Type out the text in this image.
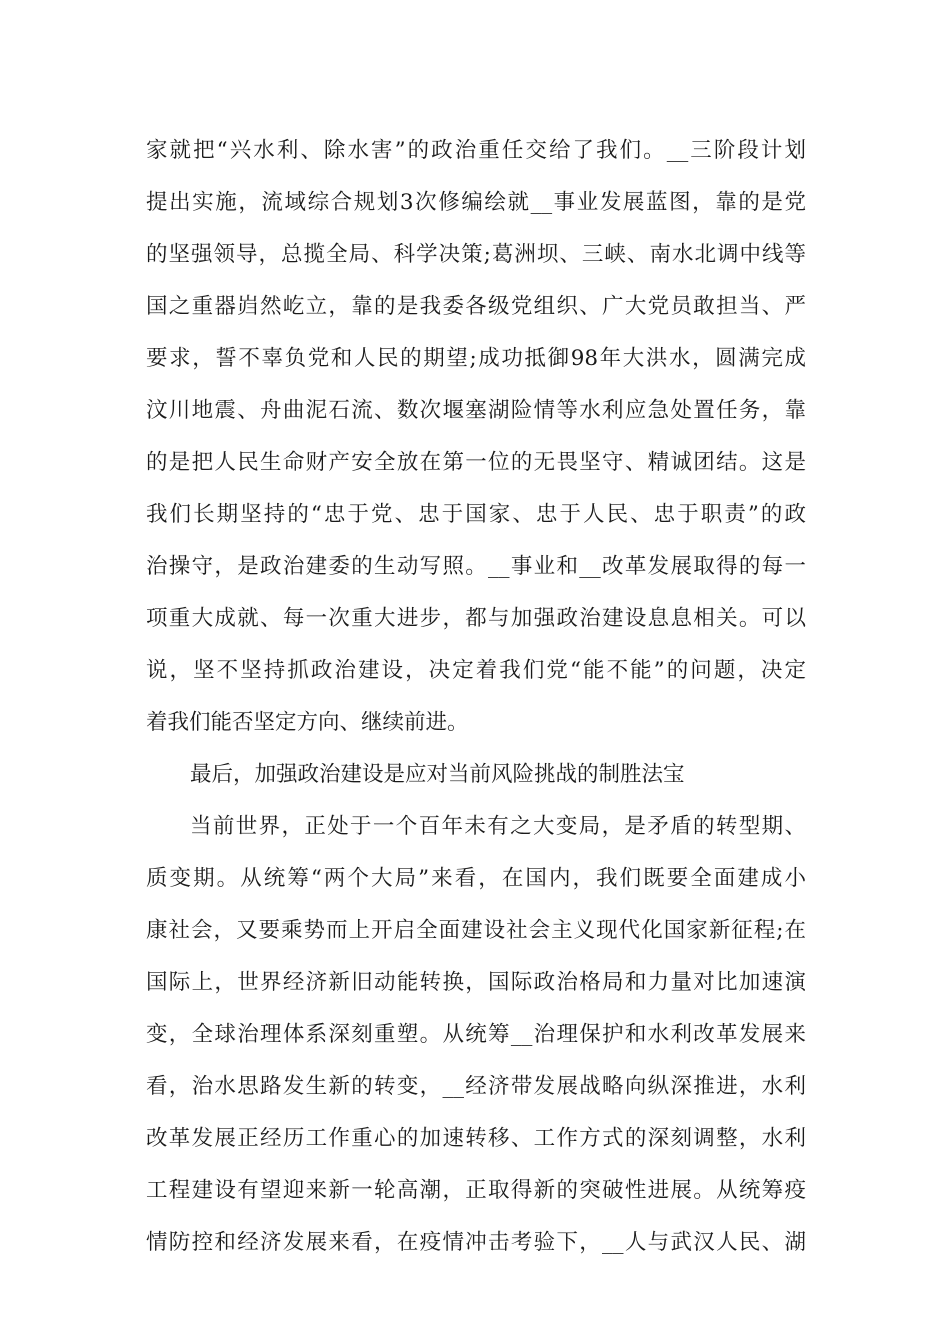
家就把“兴水利、除水害”的政治重任交给了我们。__三阶段计划
提出实施，流域综合规划3次修编绘就__事业发展蓝图，靠的是党
的坚强领导，总揽全局、科学决策;葛洲坝、三峡、南水北调中线等
国之重器岿然屹立，靠的是我委各级党组织、广大党员敢担当、严
要求，誓不辜负党和人民的期望;成功抵御98年大洪水，圆满完成
汶川地震、舟曲泥石流、数次堰塞湖险情等水利应急处置任务，靠
的是把人民生命财产安全放在第一位的无畏坚守、精诚团结。这是
我们长期坚持的“忠于党、忠于国家、忠于人民、忠于职责”的政
治操守，是政治建委的生动写照。__事业和__改革发展取得的每一
项重大成就、每一次重大进步，都与加强政治建设息息相关。可以
说，坚不坚持抓政治建设，决定着我们党“能不能”的问题，决定
着我们能否坚定方向、继续前进。
最后，加强政治建设是应对当前风险挑战的制胜法宝
当前世界，正处于一个百年未有之大变局，是矛盾的转型期、
质变期。从统筹“两个大局”来看，在国内，我们既要全面建成小
康社会，又要乘势而上开启全面建设社会主义现代化国家新征程;在
国际上，世界经济新旧动能转换，国际政治格局和力量对比加速演
变，全球治理体系深刻重塑。从统筹__治理保护和水利改革发展来
看，治水思路发生新的转变，__经济带发展战略向纵深推进，水利
改革发展正经历工作重心的加速转移、工作方式的深刻调整，水利
工程建设有望迎来新一轮高潮，正取得新的突破性进展。从统筹疫
情防控和经济发展来看，在疫情冲击考验下，__人与武汉人民、湖
